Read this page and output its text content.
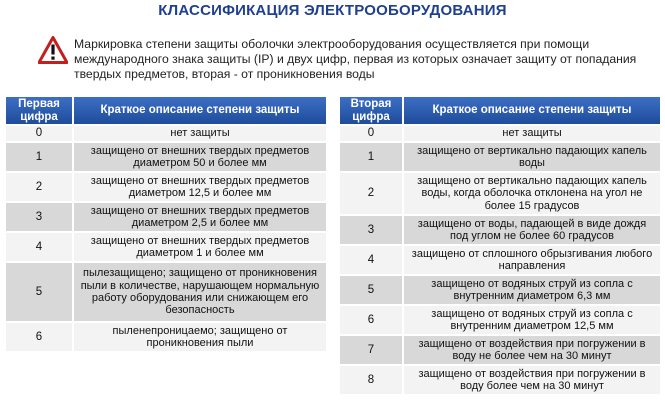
КЛАССИФИКАЦИЯ ЭЛЕКТРООБОРУДОВАНИЯ
Маркировка степени защиты оболочки электрооборудования осуществляется при помощи международного знака защиты (IP) и двух цифр, первая из которых означает защиту от попадания твердых предметов, вторая - от проникновения воды
Первая цифра	Краткое описание степени защиты
0	нет защиты
1	защищено от внешних твердых предметов диаметром 50 и более мм
2	защищено от внешних твердых предметов диаметром 12,5 и более мм
3	защищено от внешних твердых предметов диаметром 2,5 и более мм
4	защищено от внешних твердых предметов диаметром 1 и более мм
5	пылезащищено; защищено от проникновения пыли в количестве, нарушающем нормальную работу оборудования или снижающем его безопасность
6	пыленепроницаемо; защищено от проникновения пыли
Вторая цифра	Краткое описание степени защиты
0	нет защиты
1	защищено от вертикально падающих капель воды
2	защищено от вертикально падающих капель воды, когда оболочка отклонена на угол не более 15 градусов
3	защищено от воды, падающей в виде дождя под углом не более 60 градусов
4	защищено от сплошного обрызгивания любого направления
5	защищено от водяных струй из сопла с внутренним диаметром 6,3 мм
6	защищено от водяных струй из сопла с внутренним диаметром 12,5 мм
7	защищено от воздействия при погружении в воду не более чем на 30 минут
8	защищено от воздействия при погружении в воду более чем на 30 минут
